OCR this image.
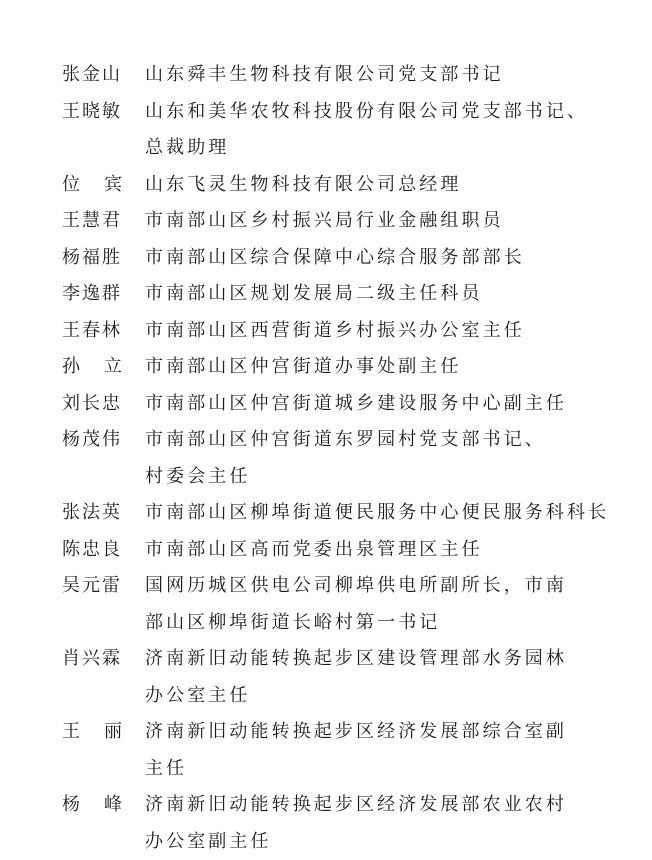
张金山 山东舜丰生物科技有限公司党支部书记
王晓敏 山东和美华农牧科技股份有限公司党支部书记、
总裁助理
位 宾 山东飞灵生物科技有限公司总经理
王慧君 市南部山区乡村振兴局行业金融组职员
杨福胜 市南部山区综合保障中心综合服务部部长
李逸群 市南部山区规划发展局二级主任科员
王春林 市南部山区西营街道乡村振兴办公室主任
孙 立 市南部山区仲宫街道办事处副主任
刘长忠 市南部山区仲宫街道城乡建设服务中心副主任
杨茂伟 市南部山区仲宫街道东罗园村党支部书记、
村委会主任
张法英 市南部山区柳埠街道便民服务中心便民服务科科长
陈忠良 市南部山区高而党委出泉管理区主任
吴元雷 国网历城区供电公司柳埠供电所副所长，市南
部山区柳埠街道长峪村第一书记
肖兴霖 济南新旧动能转换起步区建设管理部水务园林
办公室主任
王 丽 济南新旧动能转换起步区经济发展部综合室副
主任
杨 峰 济南新旧动能转换起步区经济发展部农业农村
办公室副主任
